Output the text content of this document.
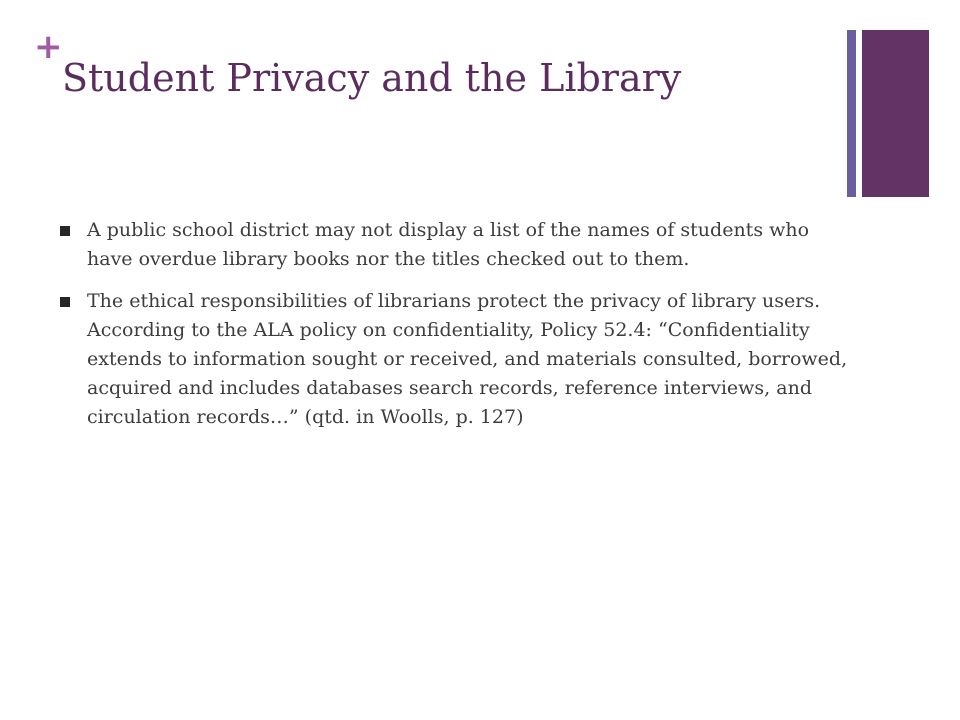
+
Student Privacy and the Library
A public school district may not display a list of the names of students who have overdue library books nor the titles checked out to them.
The ethical responsibilities of librarians protect the privacy of library users. According to the ALA policy on confidentiality, Policy 52.4: “Confidentiality extends to information sought or received, and materials consulted, borrowed, acquired and includes databases search records, reference interviews, and circulation records…” (qtd. in Woolls, p. 127)
